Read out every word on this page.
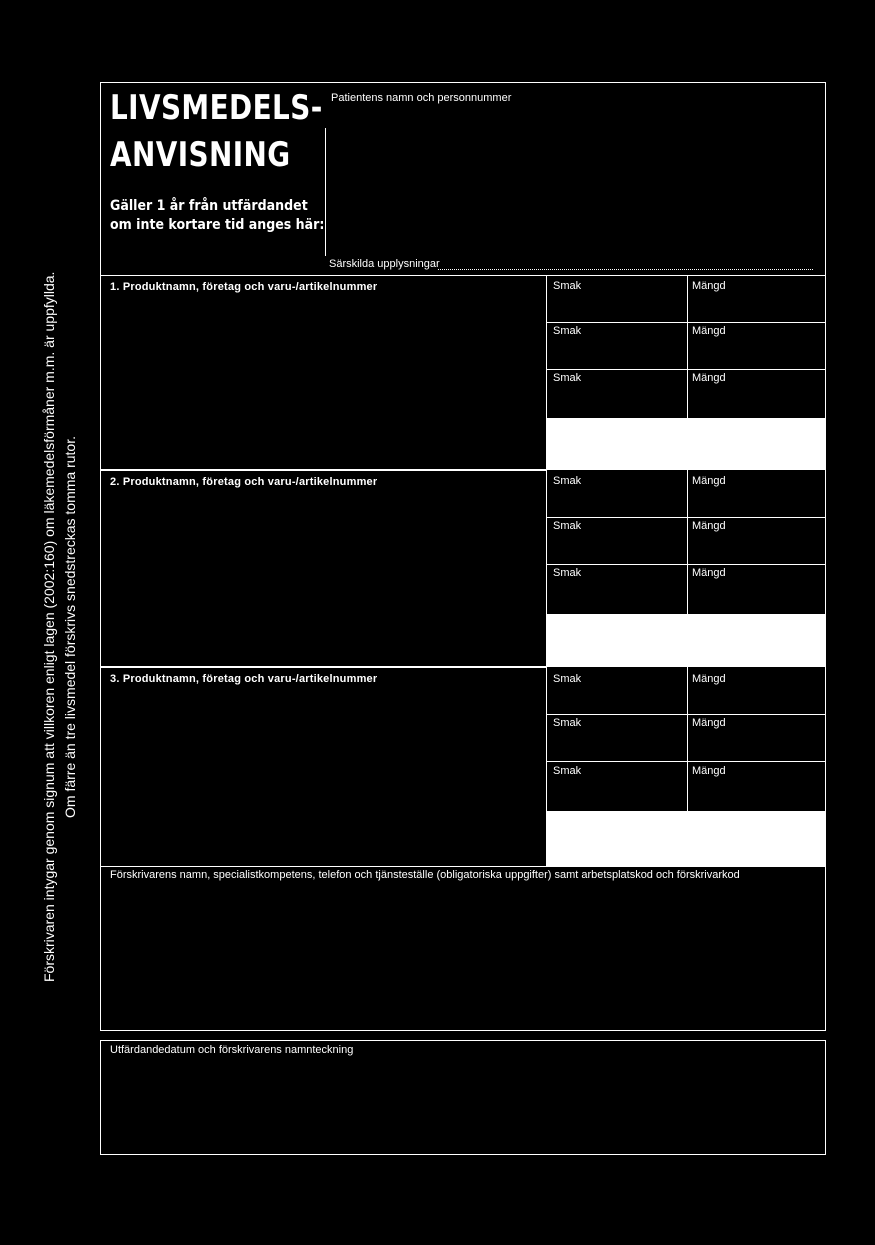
Förskrivaren intygar genom signum att villkoren enligt lagen (2002:160) om läkemedelsförmåner m.m. är uppfyllda. Om färre än tre livsmedel förskrivs snedstreckas tomma rutor.
LIVSMEDELS-
ANVISNING
Gäller 1 år från utfärdandet
om inte kortare tid anges här:
Patientens namn och personnummer
Särskilda upplysningar
1. Produktnamn, företag och varu-/artikelnummer	Smak	Mängd
Smak	Mängd
Smak	Mängd
2. Produktnamn, företag och varu-/artikelnummer	Smak	Mängd
Smak	Mängd
Smak	Mängd
3. Produktnamn, företag och varu-/artikelnummer	Smak	Mängd
Smak	Mängd
Smak	Mängd
Förskrivarens namn, specialistkompetens, telefon och tjänsteställe (obligatoriska uppgifter) samt arbetsplatskod och förskrivarkod
Utfärdandedatum och förskrivarens namnteckning
